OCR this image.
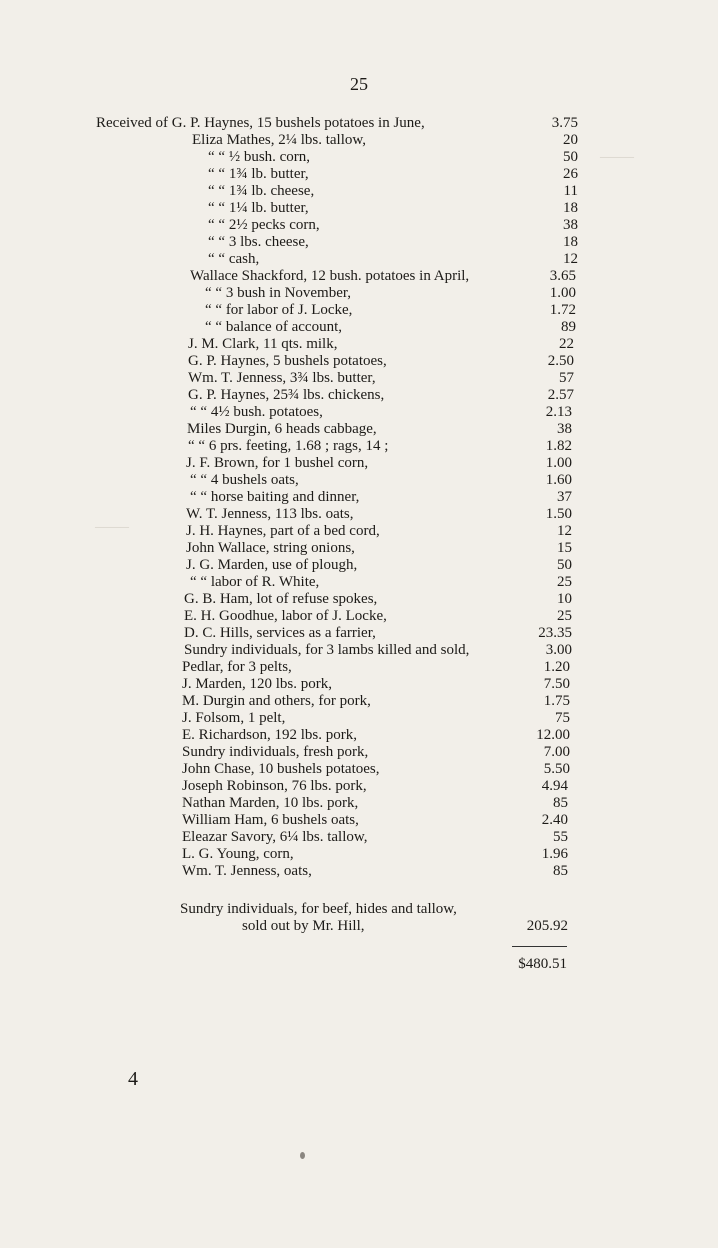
────
────
25
Received of G. P. Haynes, 15 bushels potatoes in June,	3.75
Eliza Mathes, 2¼ lbs. tallow,	20
“ “ ½ bush. corn,	50
“ “ 1¾ lb. butter,	26
“ “ 1¾ lb. cheese,	11
“ “ 1¼ lb. butter,	18
“ “ 2½ pecks corn,	38
“ “ 3 lbs. cheese,	18
“ “ cash,	12
Wallace Shackford, 12 bush. potatoes in April,	3.65
“ “ 3 bush in November,	1.00
“ “ for labor of J. Locke,	1.72
“ “ balance of account,	89
J. M. Clark, 11 qts. milk,	22
G. P. Haynes, 5 bushels potatoes,	2.50
Wm. T. Jenness, 3¾ lbs. butter,	57
G. P. Haynes, 25¾ lbs. chickens,	2.57
“ “ 4½ bush. potatoes,	2.13
Miles Durgin, 6 heads cabbage,	38
“ “ 6 prs. feeting, 1.68 ; rags, 14 ;	1.82
J. F. Brown, for 1 bushel corn,	1.00
“ “ 4 bushels oats,	1.60
“ “ horse baiting and dinner,	37
W. T. Jenness, 113 lbs. oats,	1.50
J. H. Haynes, part of a bed cord,	12
John Wallace, string onions,	15
J. G. Marden, use of plough,	50
“ “ labor of R. White,	25
G. B. Ham, lot of refuse spokes,	10
E. H. Goodhue, labor of J. Locke,	25
D. C. Hills, services as a farrier,	23.35
Sundry individuals, for 3 lambs killed and sold,	3.00
Pedlar, for 3 pelts,	1.20
J. Marden, 120 lbs. pork,	7.50
M. Durgin and others, for pork,	1.75
J. Folsom, 1 pelt,	75
E. Richardson, 192 lbs. pork,	12.00
Sundry individuals, fresh pork,	7.00
John Chase, 10 bushels potatoes,	5.50
Joseph Robinson, 76 lbs. pork,	4.94
Nathan Marden, 10 lbs. pork,	85
William Ham, 6 bushels oats,	2.40
Eleazar Savory, 6¼ lbs. tallow,	55
L. G. Young, corn,	1.96
Wm. T. Jenness, oats,	85
Sundry individuals, for beef, hides and tallow,
sold out by Mr. Hill,	205.92
$480.51
4
